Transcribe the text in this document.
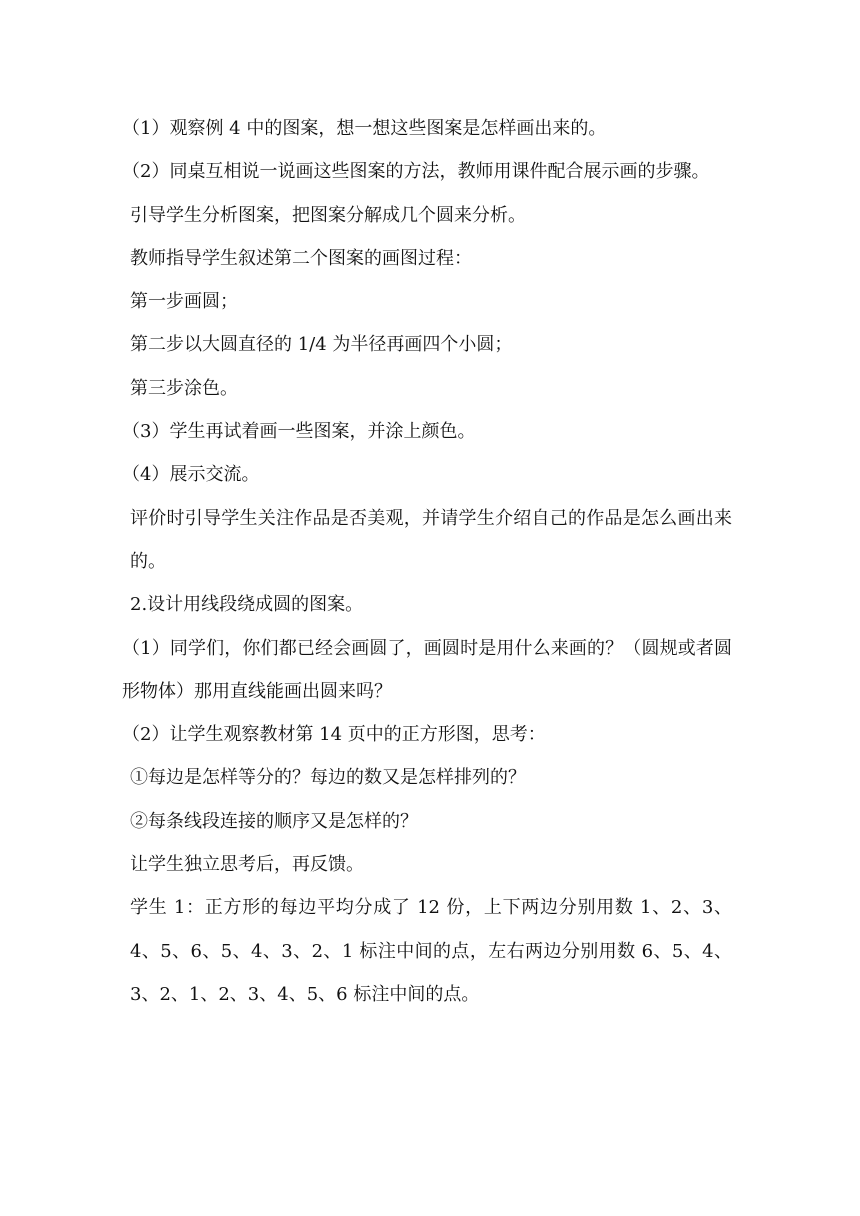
（1）观察例 4 中的图案，想一想这些图案是怎样画出来的。

（2）同桌互相说一说画这些图案的方法，教师用课件配合展示画的步骤。

引导学生分析图案，把图案分解成几个圆来分析。

教师指导学生叙述第二个图案的画图过程：

第一步画圆；

第二步以大圆直径的 1/4 为半径再画四个小圆；

第三步涂色。

（3）学生再试着画一些图案，并涂上颜色。

（4）展示交流。

评价时引导学生关注作品是否美观，并请学生介绍自己的作品是怎么画出来的。

2.设计用线段绕成圆的图案。

（1）同学们，你们都已经会画圆了，画圆时是用什么来画的？（圆规或者圆形物体）那用直线能画出圆来吗？

（2）让学生观察教材第 14 页中的正方形图，思考：

①每边是怎样等分的？每边的数又是怎样排列的？

②每条线段连接的顺序又是怎样的？

让学生独立思考后，再反馈。

学生 1：正方形的每边平均分成了 12 份，上下两边分别用数 1、2、3、4、5、6、5、4、3、2、1 标注中间的点，左右两边分别用数 6、5、4、3、2、1、2、3、4、5、6 标注中间的点。
